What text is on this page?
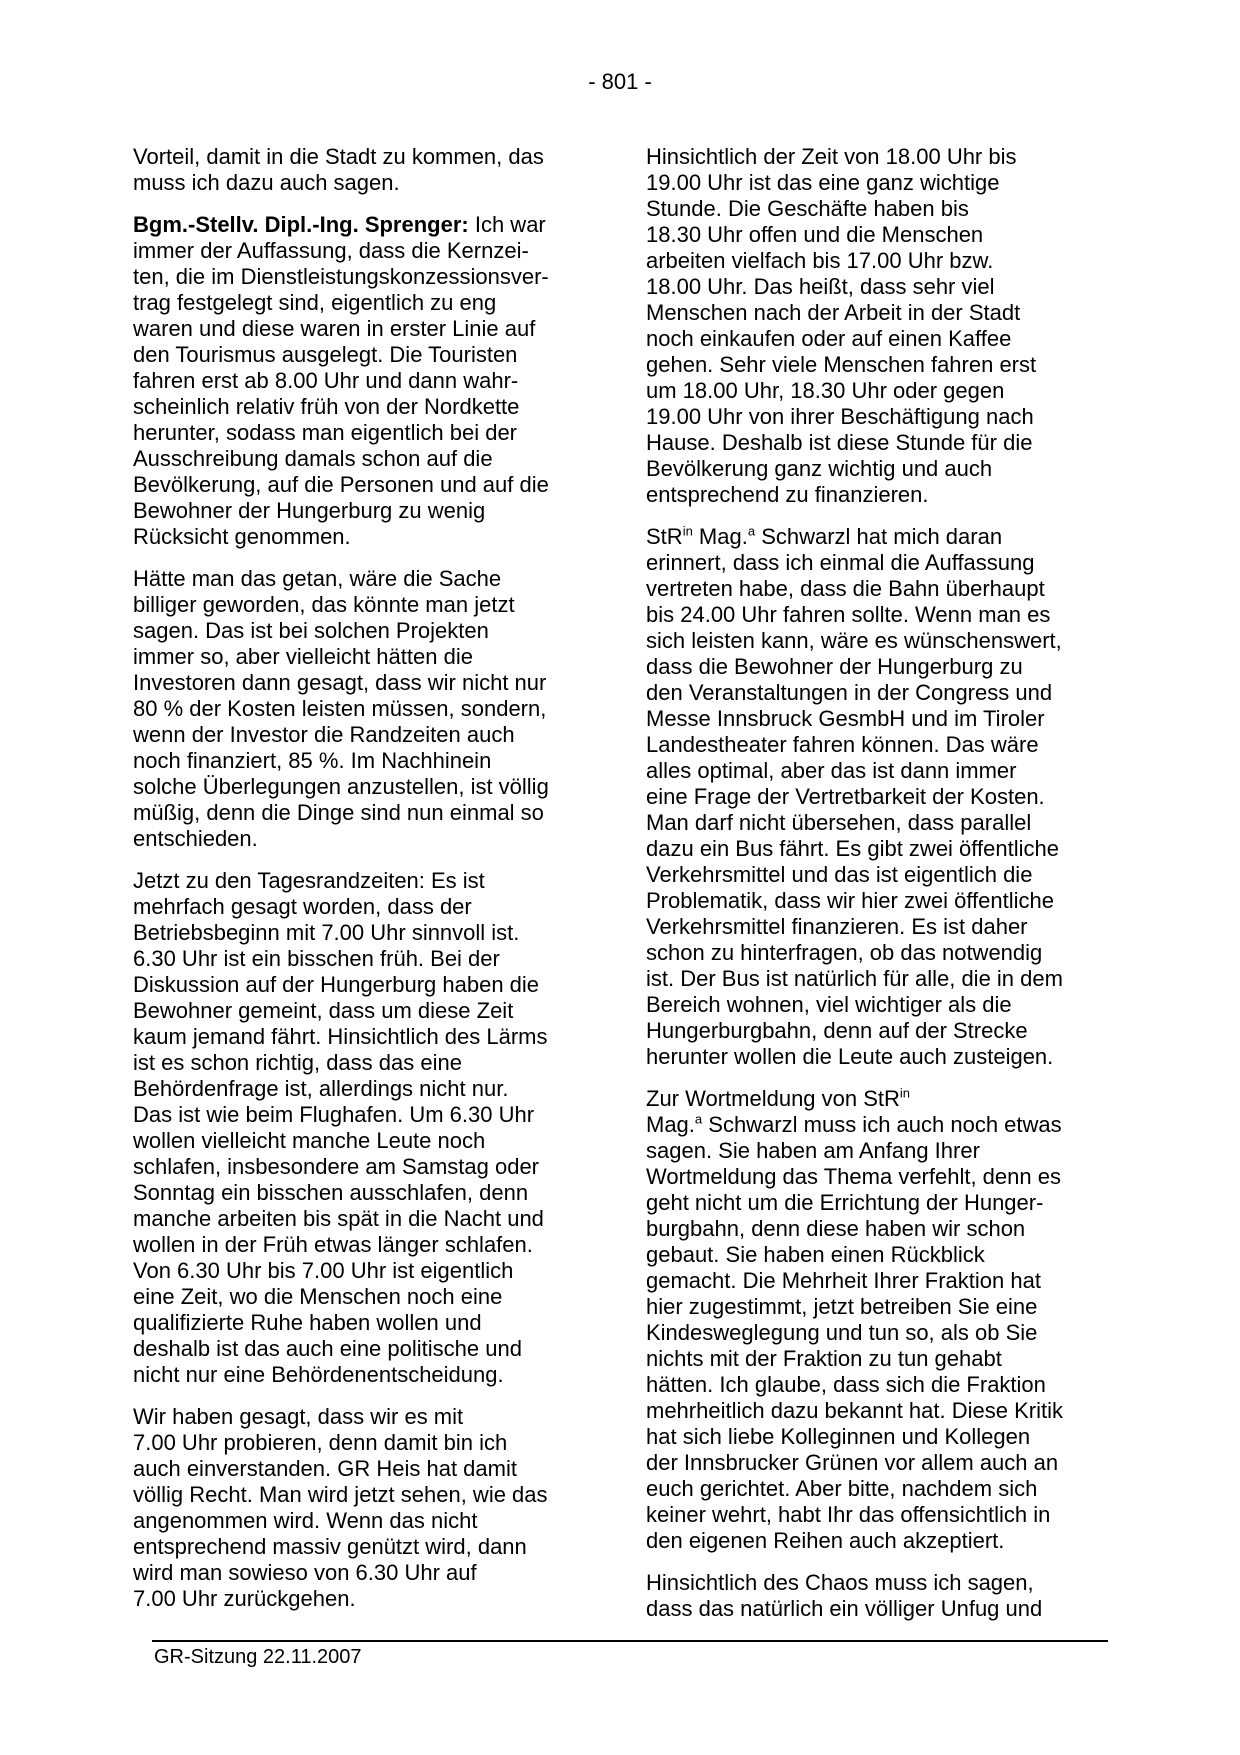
- 801 -

Vorteil, damit in die Stadt zu kommen, das
muss ich dazu auch sagen.

Bgm.-Stellv. Dipl.-Ing. Sprenger: Ich war
immer der Auffassung, dass die Kernzei-
ten, die im Dienstleistungskonzessionsver-
trag festgelegt sind, eigentlich zu eng
waren und diese waren in erster Linie auf
den Tourismus ausgelegt. Die Touristen
fahren erst ab 8.00 Uhr und dann wahr-
scheinlich relativ früh von der Nordkette
herunter, sodass man eigentlich bei der
Ausschreibung damals schon auf die
Bevölkerung, auf die Personen und auf die
Bewohner der Hungerburg zu wenig
Rücksicht genommen.

Hätte man das getan, wäre die Sache
billiger geworden, das könnte man jetzt
sagen. Das ist bei solchen Projekten
immer so, aber vielleicht hätten die
Investoren dann gesagt, dass wir nicht nur
80 % der Kosten leisten müssen, sondern,
wenn der Investor die Randzeiten auch
noch finanziert, 85 %. Im Nachhinein
solche Überlegungen anzustellen, ist völlig
müßig, denn die Dinge sind nun einmal so
entschieden.

Jetzt zu den Tagesrandzeiten: Es ist
mehrfach gesagt worden, dass der
Betriebsbeginn mit 7.00 Uhr sinnvoll ist.
6.30 Uhr ist ein bisschen früh. Bei der
Diskussion auf der Hungerburg haben die
Bewohner gemeint, dass um diese Zeit
kaum jemand fährt. Hinsichtlich des Lärms
ist es schon richtig, dass das eine
Behördenfrage ist, allerdings nicht nur.
Das ist wie beim Flughafen. Um 6.30 Uhr
wollen vielleicht manche Leute noch
schlafen, insbesondere am Samstag oder
Sonntag ein bisschen ausschlafen, denn
manche arbeiten bis spät in die Nacht und
wollen in der Früh etwas länger schlafen.
Von 6.30 Uhr bis 7.00 Uhr ist eigentlich
eine Zeit, wo die Menschen noch eine
qualifizierte Ruhe haben wollen und
deshalb ist das auch eine politische und
nicht nur eine Behördenentscheidung.

Wir haben gesagt, dass wir es mit
7.00 Uhr probieren, denn damit bin ich
auch einverstanden. GR Heis hat damit
völlig Recht. Man wird jetzt sehen, wie das
angenommen wird. Wenn das nicht
entsprechend massiv genützt wird, dann
wird man sowieso von 6.30 Uhr auf
7.00 Uhr zurückgehen.

Hinsichtlich der Zeit von 18.00 Uhr bis
19.00 Uhr ist das eine ganz wichtige
Stunde. Die Geschäfte haben bis
18.30 Uhr offen und die Menschen
arbeiten vielfach bis 17.00 Uhr bzw.
18.00 Uhr. Das heißt, dass sehr viel
Menschen nach der Arbeit in der Stadt
noch einkaufen oder auf einen Kaffee
gehen. Sehr viele Menschen fahren erst
um 18.00 Uhr, 18.30 Uhr oder gegen
19.00 Uhr von ihrer Beschäftigung nach
Hause. Deshalb ist diese Stunde für die
Bevölkerung ganz wichtig und auch
entsprechend zu finanzieren.

StR$^{in}$ Mag.$^a$ Schwarzl hat mich daran
erinnert, dass ich einmal die Auffassung
vertreten habe, dass die Bahn überhaupt
bis 24.00 Uhr fahren sollte. Wenn man es
sich leisten kann, wäre es wünschenswert,
dass die Bewohner der Hungerburg zu
den Veranstaltungen in der Congress und
Messe Innsbruck GesmbH und im Tiroler
Landestheater fahren können. Das wäre
alles optimal, aber das ist dann immer
eine Frage der Vertretbarkeit der Kosten.
Man darf nicht übersehen, dass parallel
dazu ein Bus fährt. Es gibt zwei öffentliche
Verkehrsmittel und das ist eigentlich die
Problematik, dass wir hier zwei öffentliche
Verkehrsmittel finanzieren. Es ist daher
schon zu hinterfragen, ob das notwendig
ist. Der Bus ist natürlich für alle, die in dem
Bereich wohnen, viel wichtiger als die
Hungerburgbahn, denn auf der Strecke
herunter wollen die Leute auch zusteigen.

Zur Wortmeldung von StR$^{in}$
Mag.$^a$ Schwarzl muss ich auch noch etwas
sagen. Sie haben am Anfang Ihrer
Wortmeldung das Thema verfehlt, denn es
geht nicht um die Errichtung der Hunger-
burgbahn, denn diese haben wir schon
gebaut. Sie haben einen Rückblick
gemacht. Die Mehrheit Ihrer Fraktion hat
hier zugestimmt, jetzt betreiben Sie eine
Kindesweglegung und tun so, als ob Sie
nichts mit der Fraktion zu tun gehabt
hätten. Ich glaube, dass sich die Fraktion
mehrheitlich dazu bekannt hat. Diese Kritik
hat sich liebe Kolleginnen und Kollegen
der Innsbrucker Grünen vor allem auch an
euch gerichtet. Aber bitte, nachdem sich
keiner wehrt, habt Ihr das offensichtlich in
den eigenen Reihen auch akzeptiert.

Hinsichtlich des Chaos muss ich sagen,
dass das natürlich ein völliger Unfug und

GR-Sitzung 22.11.2007
